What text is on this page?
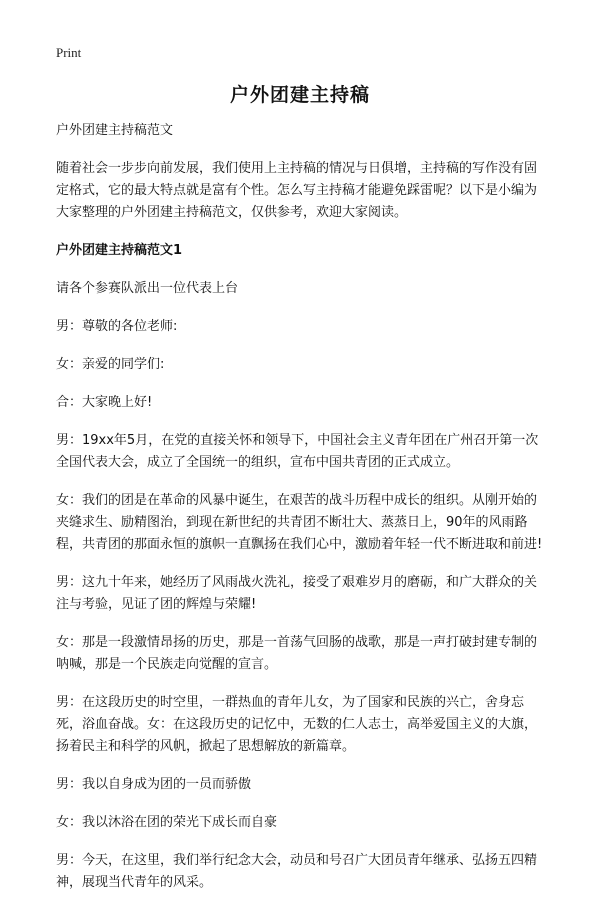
Print
户外团建主持稿

户外团建主持稿范文

随着社会一步步向前发展，我们使用上主持稿的情况与日俱增，主持稿的写作没有固定格式，它的最大特点就是富有个性。怎么写主持稿才能避免踩雷呢？以下是小编为大家整理的户外团建主持稿范文，仅供参考，欢迎大家阅读。

户外团建主持稿范文1

请各个参赛队派出一位代表上台

男：尊敬的各位老师:

女：亲爱的同学们:

合：大家晚上好!

男：19xx年5月，在党的直接关怀和领导下，中国社会主义青年团在广州召开第一次全国代表大会，成立了全国统一的组织，宣布中国共青团的正式成立。

女：我们的团是在革命的风暴中诞生，在艰苦的战斗历程中成长的组织。从刚开始的夹缝求生、励精图治，到现在新世纪的共青团不断壮大、蒸蒸日上，90年的风雨路程，共青团的那面永恒的旗帜一直飘扬在我们心中，激励着年轻一代不断进取和前进!

男：这九十年来，她经历了风雨战火洗礼，接受了艰难岁月的磨砺，和广大群众的关注与考验，见证了团的辉煌与荣耀!

女：那是一段激情昂扬的历史，那是一首荡气回肠的战歌，那是一声打破封建专制的呐喊，那是一个民族走向觉醒的宣言。

男：在这段历史的时空里，一群热血的青年儿女，为了国家和民族的兴亡，舍身忘死，浴血奋战。女：在这段历史的记忆中，无数的仁人志士，高举爱国主义的大旗，扬着民主和科学的风帆，掀起了思想解放的新篇章。

男：我以自身成为团的一员而骄傲

女：我以沐浴在团的荣光下成长而自豪

男：今天，在这里，我们举行纪念大会，动员和号召广大团员青年继承、弘扬五四精神，展现当代青年的风采。
